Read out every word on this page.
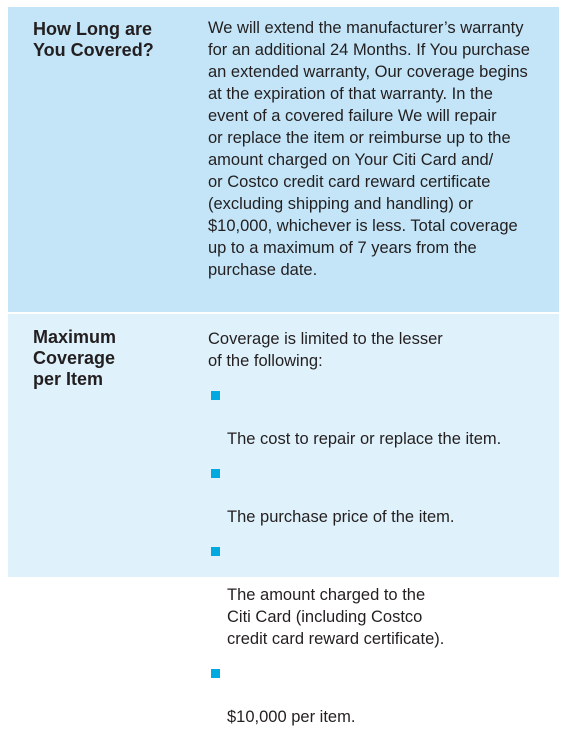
How Long are
You Covered?
We will extend the manufacturer’s warranty
for an additional 24 Months. If You purchase
an extended warranty, Our coverage begins
at the expiration of that warranty. In the
event of a covered failure We will repair
or replace the item or reimburse up to the
amount charged on Your Citi Card and/
or Costco credit card reward certificate
(excluding shipping and handling) or
$10,000, whichever is less. Total coverage
up to a maximum of 7 years from the
purchase date.
Maximum
Coverage
per Item
Coverage is limited to the lesser
of the following:

The cost to repair or replace the item.

The purchase price of the item.

The amount charged to the
Citi Card (including Costco
credit card reward certificate).

$10,000 per item.
